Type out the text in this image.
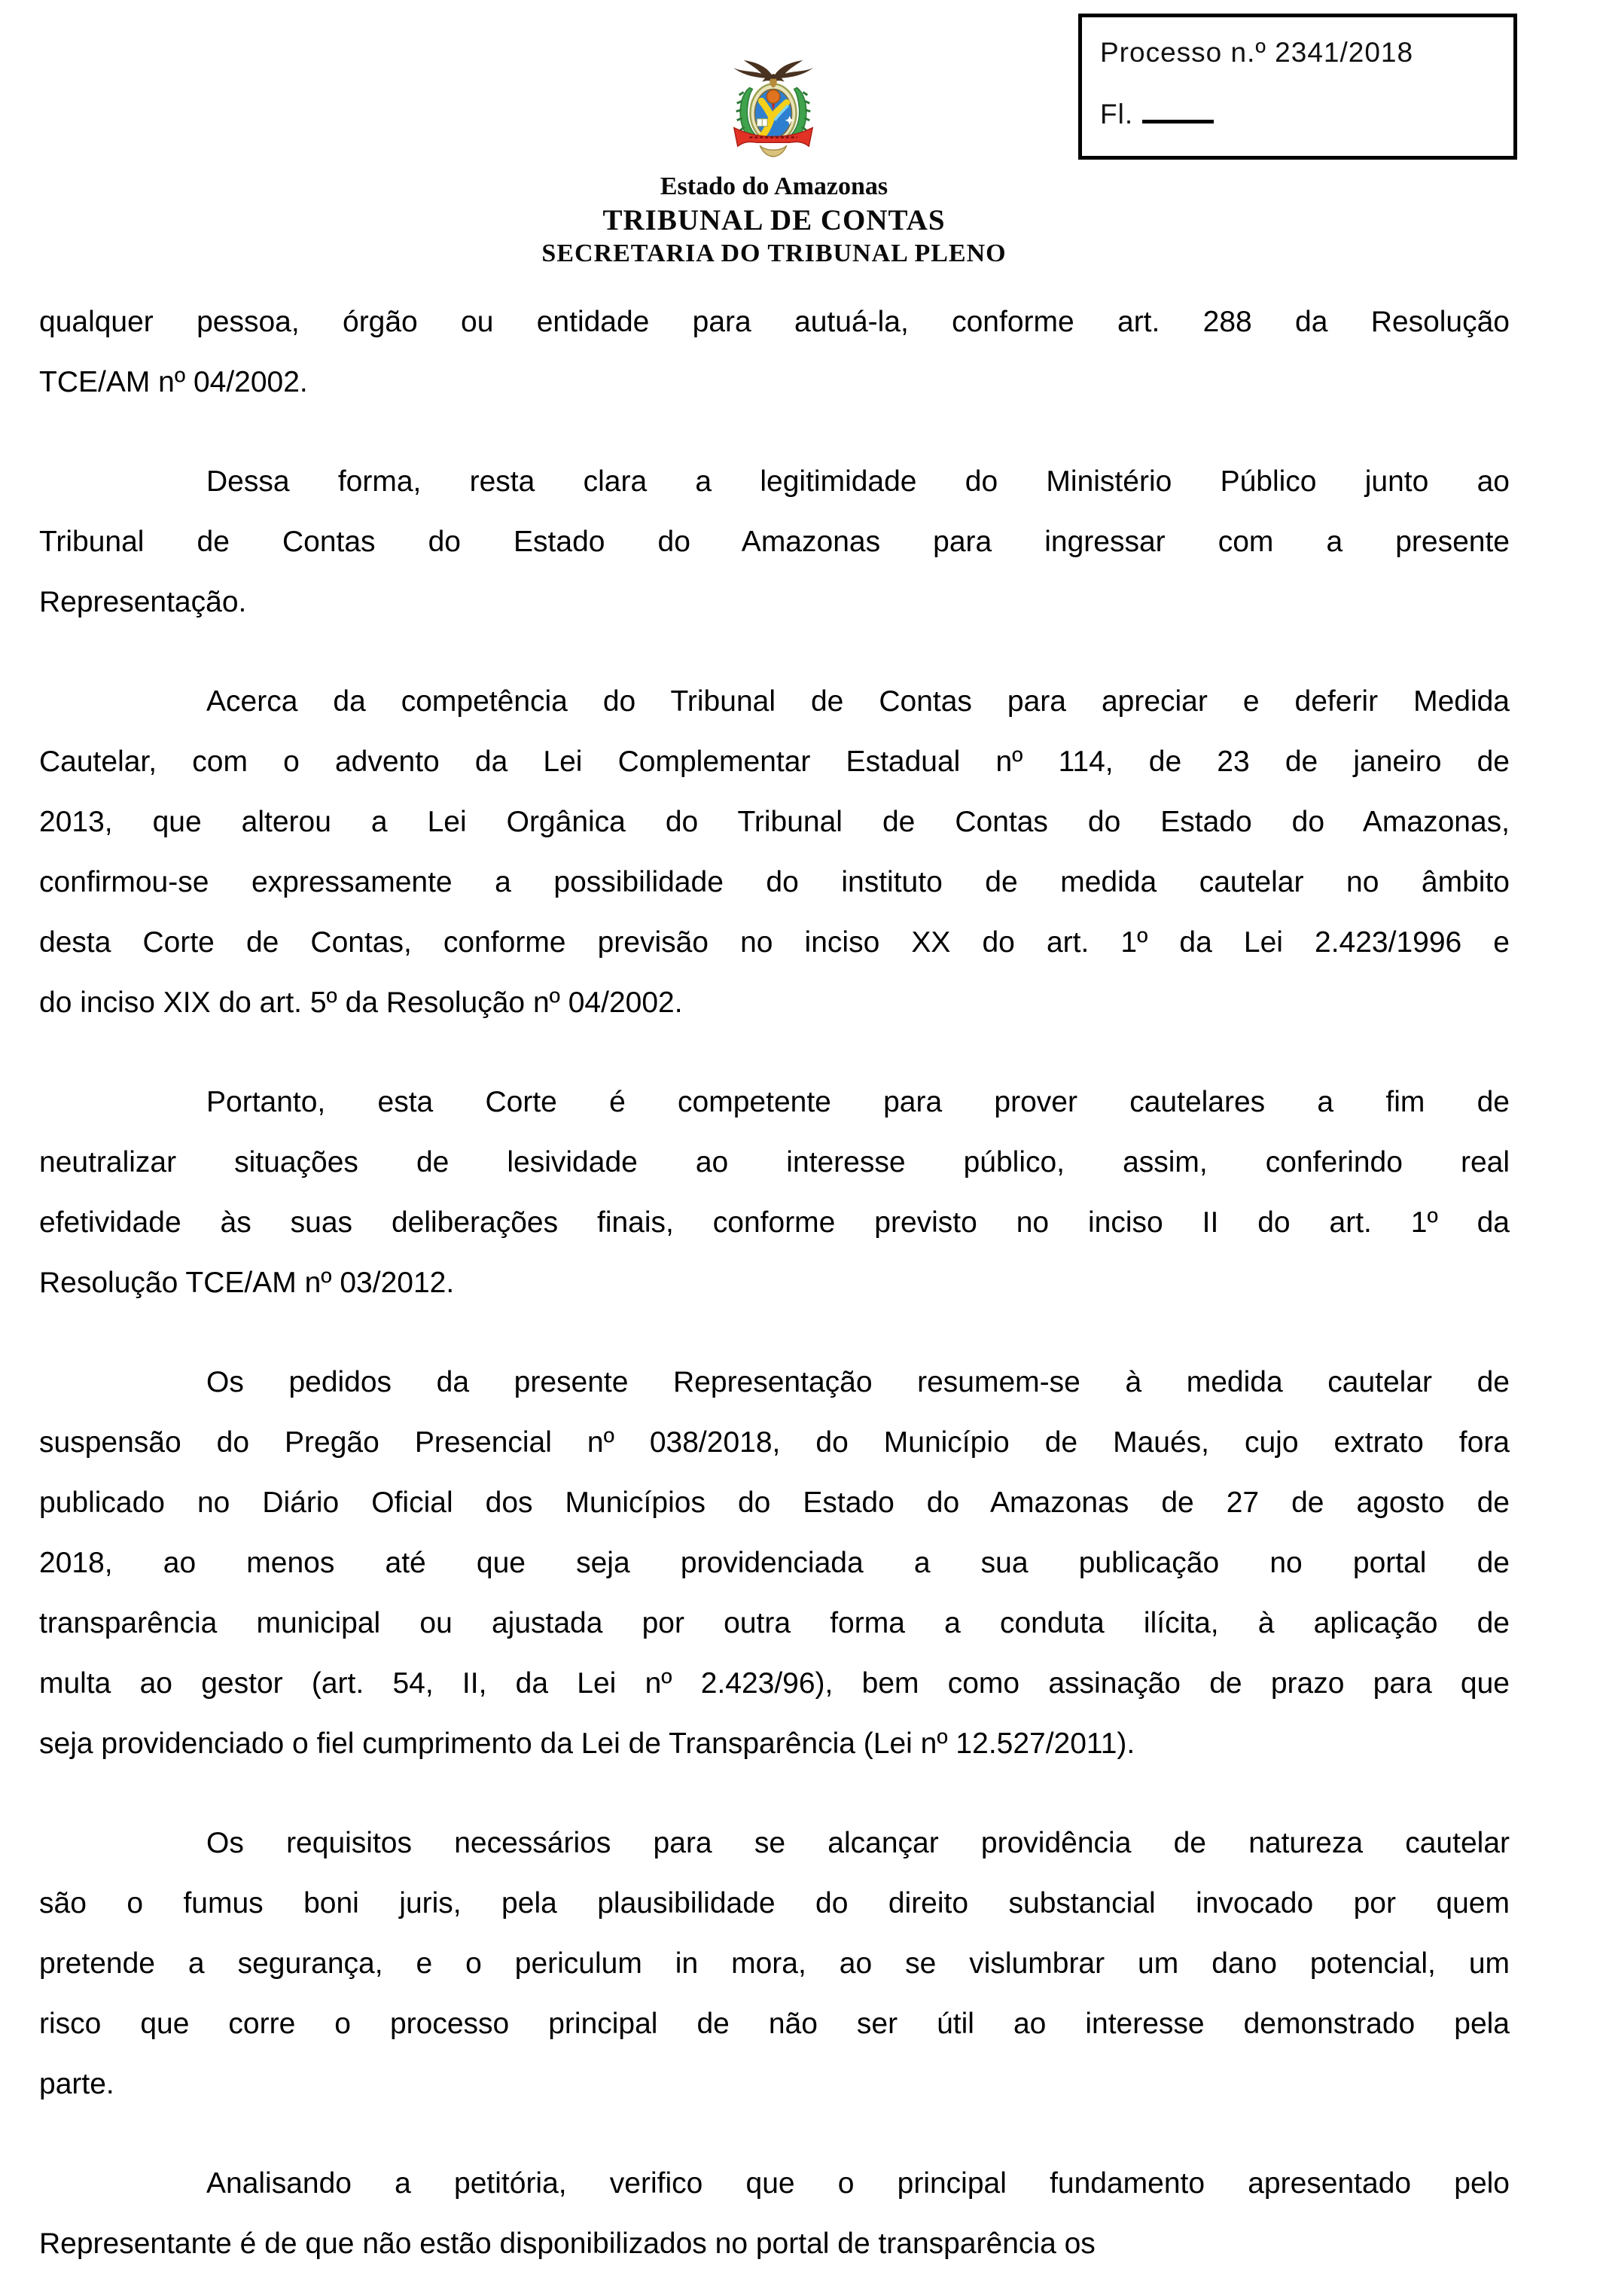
Processo n.º 2341/2018
Fl.
Estado do Amazonas
TRIBUNAL DE CONTAS
SECRETARIA DO TRIBUNAL PLENO
qualquer pessoa, órgão ou entidade para autuá-la, conforme art. 288 da Resolução
TCE/AM nº 04/2002.
Dessa forma, resta clara a legitimidade do Ministério Público junto ao
Tribunal de Contas do Estado do Amazonas para ingressar com a presente
Representação.
Acerca da competência do Tribunal de Contas para apreciar e deferir Medida
Cautelar, com o advento da Lei Complementar Estadual nº 114, de 23 de janeiro de
2013, que alterou a Lei Orgânica do Tribunal de Contas do Estado do Amazonas,
confirmou-se expressamente a possibilidade do instituto de medida cautelar no âmbito
desta Corte de Contas, conforme previsão no inciso XX do art. 1º da Lei 2.423/1996 e
do inciso XIX do art. 5º da Resolução nº 04/2002.
Portanto, esta Corte é competente para prover cautelares a fim de
neutralizar situações de lesividade ao interesse público, assim, conferindo real
efetividade às suas deliberações finais, conforme previsto no inciso II do art. 1º da
Resolução TCE/AM nº 03/2012.
Os pedidos da presente Representação resumem-se à medida cautelar de
suspensão do Pregão Presencial nº 038/2018, do Município de Maués, cujo extrato fora
publicado no Diário Oficial dos Municípios do Estado do Amazonas de 27 de agosto de
2018, ao menos até que seja providenciada a sua publicação no portal de
transparência municipal ou ajustada por outra forma a conduta ilícita, à aplicação de
multa ao gestor (art. 54, II, da Lei nº 2.423/96), bem como assinação de prazo para que
seja providenciado o fiel cumprimento da Lei de Transparência (Lei nº 12.527/2011).
Os requisitos necessários para se alcançar providência de natureza cautelar
são o fumus boni juris, pela plausibilidade do direito substancial invocado por quem
pretende a segurança, e o periculum in mora, ao se vislumbrar um dano potencial, um
risco que corre o processo principal de não ser útil ao interesse demonstrado pela
parte.
Analisando a petitória, verifico que o principal fundamento apresentado pelo
Representante é de que não estão disponibilizados no portal de transparência os
